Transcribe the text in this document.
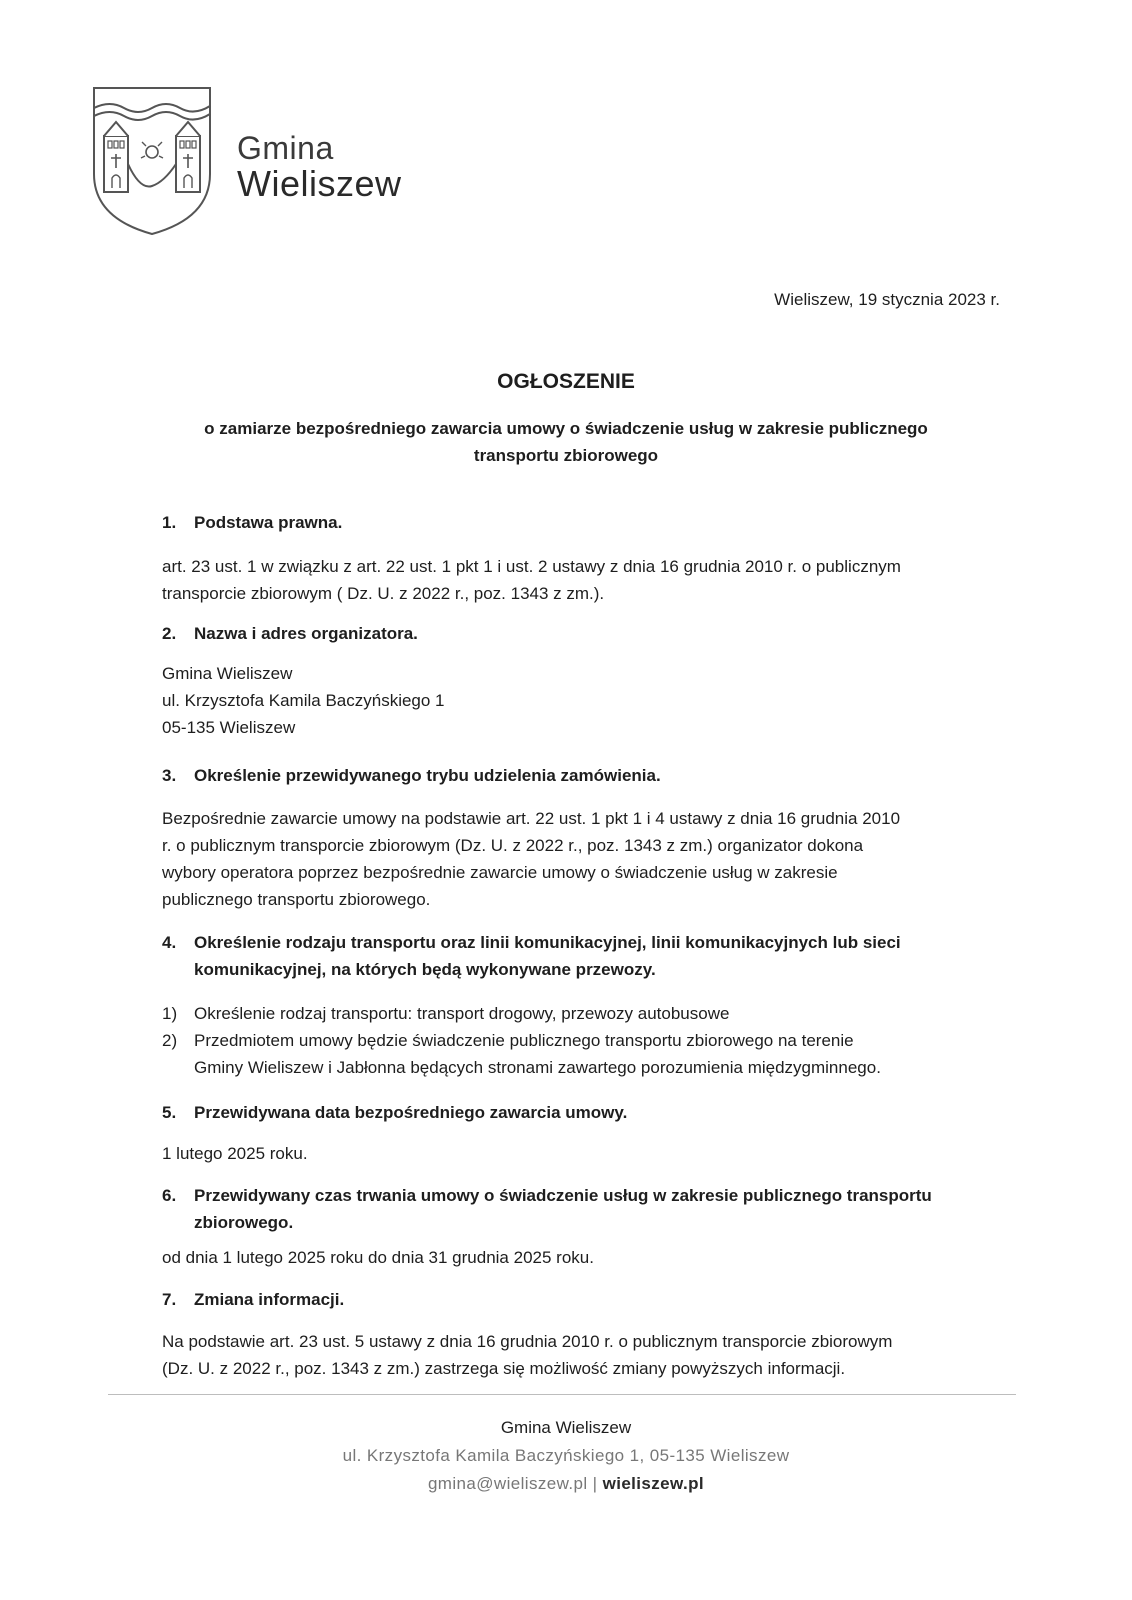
Gmina
Wieliszew
Wieliszew, 19 stycznia 2023 r.
OGŁOSZENIE
o zamiarze bezpośredniego zawarcia umowy o świadczenie usług w zakresie publicznego
transportu zbiorowego
1.	Podstawa prawna.
art. 23 ust. 1 w związku z art. 22 ust. 1 pkt 1 i ust. 2 ustawy z dnia 16 grudnia 2010 r. o publicznym
transporcie zbiorowym ( Dz. U. z 2022 r., poz. 1343 z zm.).
2.	Nazwa i adres organizatora.
Gmina Wieliszew
ul. Krzysztofa Kamila Baczyńskiego 1
05-135 Wieliszew
3.	Określenie przewidywanego trybu udzielenia zamówienia.
Bezpośrednie zawarcie umowy na podstawie art. 22 ust. 1 pkt 1 i 4 ustawy z dnia 16 grudnia 2010
r. o publicznym transporcie zbiorowym (Dz. U. z 2022 r., poz. 1343 z zm.) organizator dokona
wybory operatora poprzez bezpośrednie zawarcie umowy o świadczenie usług w zakresie
publicznego transportu zbiorowego.
4.	Określenie rodzaju transportu oraz linii komunikacyjnej, linii komunikacyjnych lub sieci
komunikacyjnej, na których będą wykonywane przewozy.
1) Określenie rodzaj transportu: transport drogowy, przewozy autobusowe
2) Przedmiotem umowy będzie świadczenie publicznego transportu zbiorowego na terenie
Gminy Wieliszew i Jabłonna będących stronami zawartego porozumienia międzygminnego.
5.	Przewidywana data bezpośredniego zawarcia umowy.
1 lutego 2025 roku.
6.	Przewidywany czas trwania umowy o świadczenie usług w zakresie publicznego transportu
zbiorowego.
od dnia 1 lutego 2025 roku do dnia 31 grudnia 2025 roku.
7.	Zmiana informacji.
Na podstawie art. 23 ust. 5 ustawy z dnia 16 grudnia 2010 r. o publicznym transporcie zbiorowym
(Dz. U. z 2022 r., poz. 1343 z zm.) zastrzega się możliwość zmiany powyższych informacji.
Gmina Wieliszew
ul. Krzysztofa Kamila Baczyńskiego 1, 05-135 Wieliszew
gmina@wieliszew.pl | wieliszew.pl
